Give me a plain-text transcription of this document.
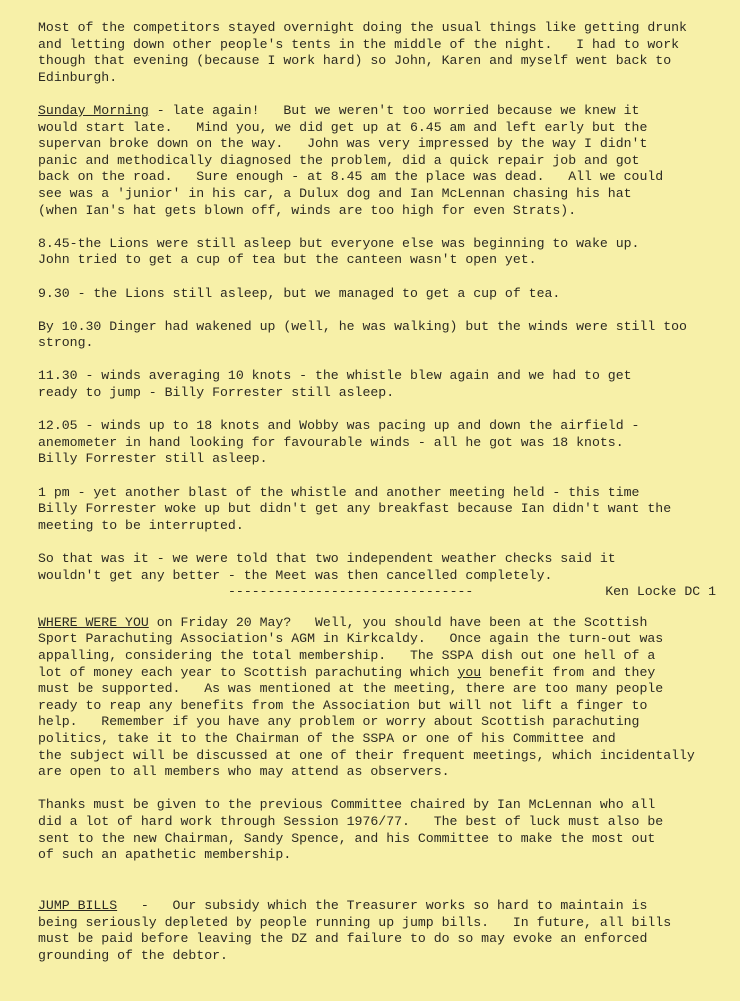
Most of the competitors stayed overnight doing the usual things like getting drunk
and letting down other people's tents in the middle of the night.   I had to work
though that evening (because I work hard) so John, Karen and myself went back to
Edinburgh.

Sunday Morning - late again!   But we weren't too worried because we knew it
would start late.   Mind you, we did get up at 6.45 am and left early but the
supervan broke down on the way.   John was very impressed by the way I didn't
panic and methodically diagnosed the problem, did a quick repair job and got
back on the road.   Sure enough - at 8.45 am the place was dead.   All we could
see was a 'junior' in his car, a Dulux dog and Ian McLennan chasing his hat
(when Ian's hat gets blown off, winds are too high for even Strats).

8.45-the Lions were still asleep but everyone else was beginning to wake up.
John tried to get a cup of tea but the canteen wasn't open yet.

9.30 - the Lions still asleep, but we managed to get a cup of tea.

By 10.30 Dinger had wakened up (well, he was walking) but the winds were still too
strong.

11.30 - winds averaging 10 knots - the whistle blew again and we had to get
ready to jump - Billy Forrester still asleep.

12.05 - winds up to 18 knots and Wobby was pacing up and down the airfield -
anemometer in hand looking for favourable winds - all he got was 18 knots.
Billy Forrester still asleep.

1 pm - yet another blast of the whistle and another meeting held - this time
Billy Forrester woke up but didn't get any breakfast because Ian didn't want the
meeting to be interrupted.

So that was it - we were told that two independent weather checks said it
wouldn't get any better - the Meet was then cancelled completely.

-------------------------------	Ken Locke DC 1

WHERE WERE YOU on Friday 20 May?   Well, you should have been at the Scottish
Sport Parachuting Association's AGM in Kirkcaldy.   Once again the turn-out was
appalling, considering the total membership.   The SSPA dish out one hell of a
lot of money each year to Scottish parachuting which you benefit from and they
must be supported.   As was mentioned at the meeting, there are too many people
ready to reap any benefits from the Association but will not lift a finger to
help.   Remember if you have any problem or worry about Scottish parachuting
politics, take it to the Chairman of the SSPA or one of his Committee and
the subject will be discussed at one of their frequent meetings, which incidentally
are open to all members who may attend as observers.

Thanks must be given to the previous Committee chaired by Ian McLennan who all
did a lot of hard work through Session 1976/77.   The best of luck must also be
sent to the new Chairman, Sandy Spence, and his Committee to make the most out
of such an apathetic membership.

JUMP BILLS   -   Our subsidy which the Treasurer works so hard to maintain is
being seriously depleted by people running up jump bills.   In future, all bills
must be paid before leaving the DZ and failure to do so may evoke an enforced
grounding of the debtor.
